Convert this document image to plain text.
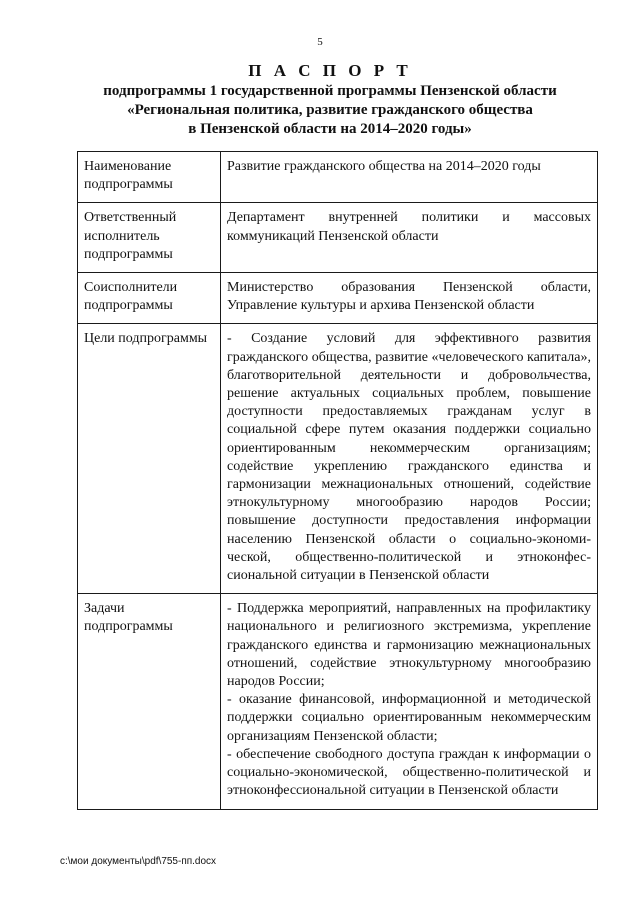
5
П А С П О Р Т
подпрограммы 1 государственной программы Пензенской области
«Региональная политика, развитие гражданского общества
в Пензенской области на 2014–2020 годы»
Наименование подпрограммы	Развитие гражданского общества на 2014–2020 годы

Ответственный исполнитель подпрограммы	Департамент внутренней политики и массовых коммуникаций Пензенской области

Соисполнители подпрограммы	Министерство образования Пензенской области, Управление культуры и архива Пензенской области

Цели подпрограммы	- Создание условий для эффективного развития гражданского общества, развитие «человеческого капитала», благотворительной деятельности и добровольчества, решение актуальных социальных проблем, повышение доступности предоставляемых гражданам услуг в социальной сфере путем оказания поддержки социально ориентированным некоммерческим организациям; содействие укреплению гражданского единства и гармонизации межнациональных отношений, содействие этнокультурному многообразию народов России; повышение доступности предоставления информации населению Пензенской области о социально-экономи-ческой, общественно-политической и этноконфес-сиональной ситуации в Пензенской области

Задачи подпрограммы	- Поддержка мероприятий, направленных на профилактику национального и религиозного экстремизма, укрепление гражданского единства и гармонизацию межнациональных отношений, содействие этнокультурному многообразию народов России;
- оказание финансовой, информационной и методической поддержки социально ориентированным некоммерческим организациям Пензенской области;
- обеспечение свободного доступа граждан к информации о социально-экономической, общественно-политической и этноконфессиональной ситуации в Пензенской области
c:\мои документы\pdf\755-пп.docx
